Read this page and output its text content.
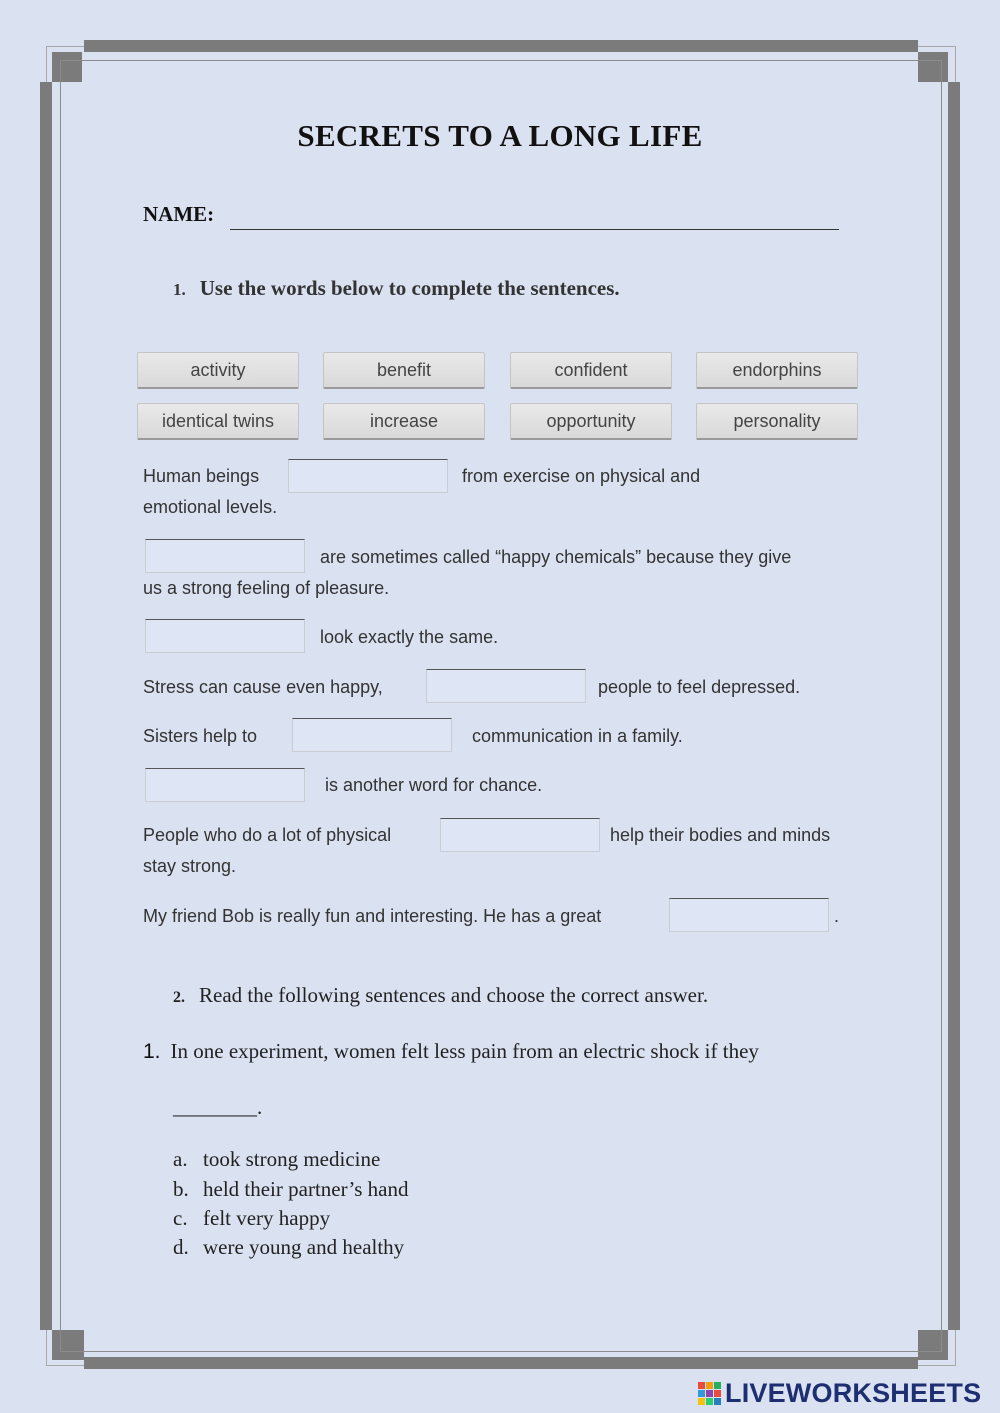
SECRETS TO A LONG LIFE
NAME:
1. Use the words below to complete the sentences.
activity	benefit	confident	endorphins
identical twins	increase	opportunity	personality
Human beings	from exercise on physical and
emotional levels.
are sometimes called “happy chemicals” because they give
us a strong feeling of pleasure.
look exactly the same.
Stress can cause even happy,	people to feel depressed.
Sisters help to	communication in a family.
is another word for chance.
People who do a lot of physical	help their bodies and minds
stay strong.
My friend Bob is really fun and interesting. He has a great	.
2. Read the following sentences and choose the correct answer.
1. In one experiment, women felt less pain from an electric shock if they
________.
a. took strong medicine
b. held their partner’s hand
c. felt very happy
d. were young and healthy
LIVEWORKSHEETS
